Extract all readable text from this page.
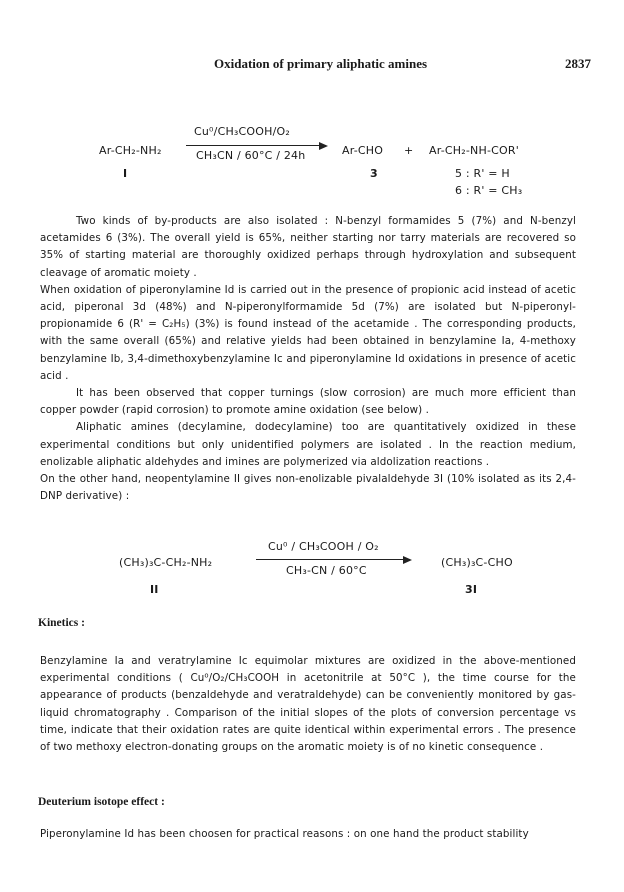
Oxidation of primary aliphatic amines	2837
Ar-CH₂-NH₂
Cu⁰/CH₃COOH/O₂
CH₃CN / 60°C / 24h	Ar-CHO + Ar-CH₂-NH-COR'
I	3	5 : R' = H
6 : R' = CH₃

Two kinds of by-products are also isolated : N-benzyl formamides 5 (7%) and N-benzyl acetamides 6 (3%). The overall yield is 65%, neither starting nor tarry materials are recovered so 35% of starting material are thoroughly oxidized perhaps through hydroxylation and subsequent cleavage of aromatic moiety .

When oxidation of piperonylamine Id is carried out in the presence of propionic acid instead of acetic acid, piperonal 3d (48%) and N-piperonylformamide 5d (7%) are isolated but N-piperonyl-propionamide 6 (R' = C₂H₅) (3%) is found instead of the acetamide . The corresponding products, with the same overall (65%) and relative yields had been obtained in benzylamine Ia, 4-methoxy benzylamine Ib, 3,4-dimethoxybenzylamine Ic and piperonylamine Id oxidations in presence of acetic acid .

It has been observed that copper turnings (slow corrosion) are much more efficient than copper powder (rapid corrosion) to promote amine oxidation (see below) .

Aliphatic amines (decylamine, dodecylamine) too are quantitatively oxidized in these experimental conditions but only unidentified polymers are isolated . In the reaction medium, enolizable aliphatic aldehydes and imines are polymerized via aldolization reactions .

On the other hand, neopentylamine II gives non-enolizable pivalaldehyde 3I (10% isolated as its 2,4-DNP derivative) :

(CH₃)₃C-CH₂-NH₂
Cu⁰ / CH₃COOH / O₂
CH₃-CN / 60°C
(CH₃)₃C-CHO
II	3I
Kinetics :
Benzylamine Ia and veratrylamine Ic equimolar mixtures are oxidized in the above-mentioned experimental conditions ( Cu⁰/O₂/CH₃COOH in acetonitrile at 50°C ), the time course for the appearance of products (benzaldehyde and veratraldehyde) can be conveniently monitored by gas-liquid chromatography . Comparison of the initial slopes of the plots of conversion percentage vs time, indicate that their oxidation rates are quite identical within experimental errors . The presence of two methoxy electron-donating groups on the aromatic moiety is of no kinetic consequence .
Deuterium isotope effect :
Piperonylamine Id has been choosen for practical reasons : on one hand the product stability
